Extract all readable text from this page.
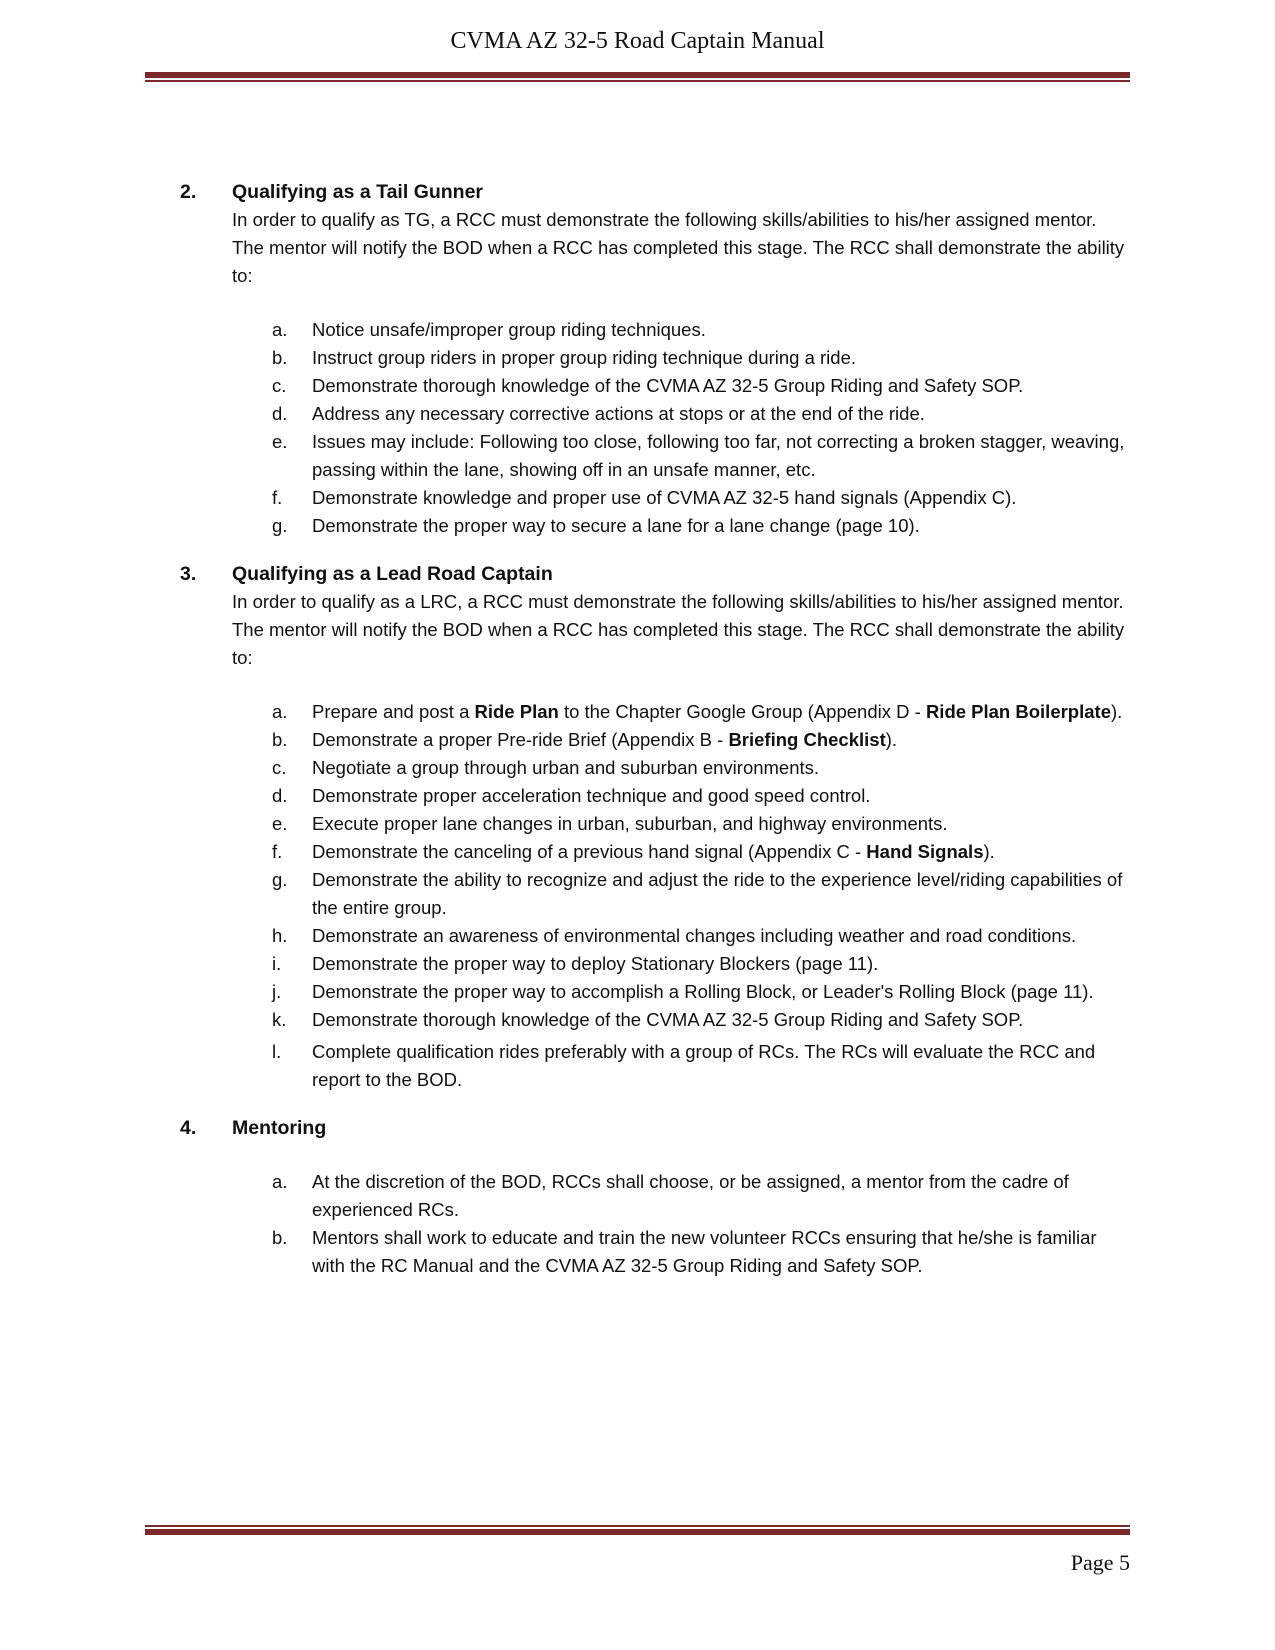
CVMA AZ 32-5 Road Captain Manual
2.	Qualifying as a Tail Gunner
In order to qualify as TG, a RCC must demonstrate the following skills/abilities to his/her assigned mentor. The mentor will notify the BOD when a RCC has completed this stage. The RCC shall demonstrate the ability to:
a.	Notice unsafe/improper group riding techniques.
b.	Instruct group riders in proper group riding technique during a ride.
c.	Demonstrate thorough knowledge of the CVMA AZ 32-5 Group Riding and Safety SOP.
d.	Address any necessary corrective actions at stops or at the end of the ride.
e.	Issues may include: Following too close, following too far, not correcting a broken stagger, weaving, passing within the lane, showing off in an unsafe manner, etc.
f.	Demonstrate knowledge and proper use of CVMA AZ 32-5 hand signals (Appendix C).
g.	Demonstrate the proper way to secure a lane for a lane change (page 10).
3.	Qualifying as a Lead Road Captain
In order to qualify as a LRC, a RCC must demonstrate the following skills/abilities to his/her assigned mentor. The mentor will notify the BOD when a RCC has completed this stage. The RCC shall demonstrate the ability to:
a.	Prepare and post a Ride Plan to the Chapter Google Group (Appendix D - Ride Plan Boilerplate).
b.	Demonstrate a proper Pre-ride Brief (Appendix B - Briefing Checklist).
c.	Negotiate a group through urban and suburban environments.
d.	Demonstrate proper acceleration technique and good speed control.
e.	Execute proper lane changes in urban, suburban, and highway environments.
f.	Demonstrate the canceling of a previous hand signal (Appendix C - Hand Signals).
g.	Demonstrate the ability to recognize and adjust the ride to the experience level/riding capabilities of the entire group.
h.	Demonstrate an awareness of environmental changes including weather and road conditions.
i.	Demonstrate the proper way to deploy Stationary Blockers (page 11).
j.	Demonstrate the proper way to accomplish a Rolling Block, or Leader's Rolling Block (page 11).
k.	Demonstrate thorough knowledge of the CVMA AZ 32-5 Group Riding and Safety SOP.
l.	Complete qualification rides preferably with a group of RCs. The RCs will evaluate the RCC and report to the BOD.
4.	Mentoring
a.	At the discretion of the BOD, RCCs shall choose, or be assigned, a mentor from the cadre of experienced RCs.
b.	Mentors shall work to educate and train the new volunteer RCCs ensuring that he/she is familiar with the RC Manual and the CVMA AZ 32-5 Group Riding and Safety SOP.
Page 5
